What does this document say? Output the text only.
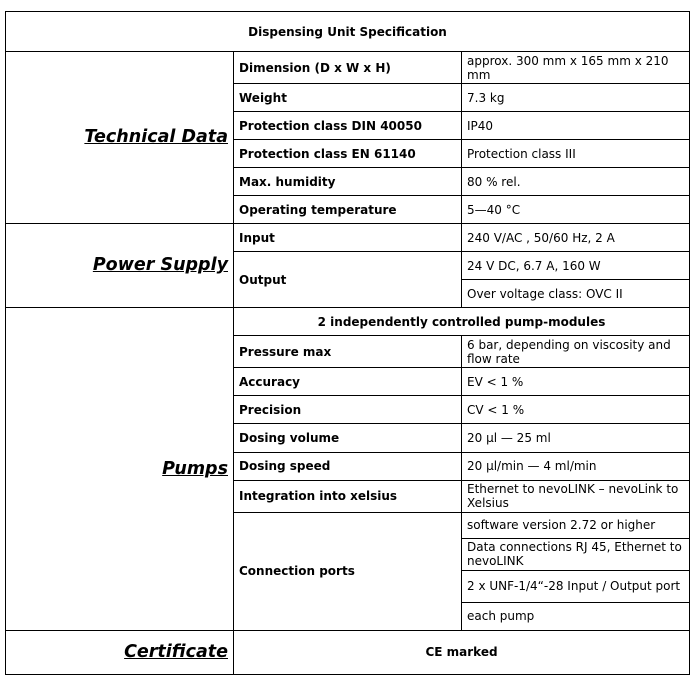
Dispensing Unit Specification		
Technical Data	Dimension (D x W x H)	approx. 300 mm x 165 mm x 210 mm
	Weight	7.3 kg
	Protection class DIN 40050	IP40
	Protection class EN 61140	Protection class III
	Max. humidity	80 % rel.
	Operating temperature	5—40 °C
Power Supply	Input	240 V/AC , 50/60 Hz, 2 A
	Output	24 V DC, 6.7 A, 160 W
		Over voltage class: OVC II
Pumps	2 independently controlled pump-modules	
	Pressure max	6 bar, depending on viscosity and flow rate
	Accuracy	EV < 1 %
	Precision	CV < 1 %
	Dosing volume	20 µl — 25 ml
	Dosing speed	20 µl/min — 4 ml/min
	Integration into xelsius	Ethernet to nevoLINK – nevoLink to Xelsius
	Connection ports	software version 2.72 or higher
		Data connections RJ 45, Ethernet to nevoLINK
		2 x UNF-1/4“-28 Input / Output port
		each pump
Certificate	CE marked	
